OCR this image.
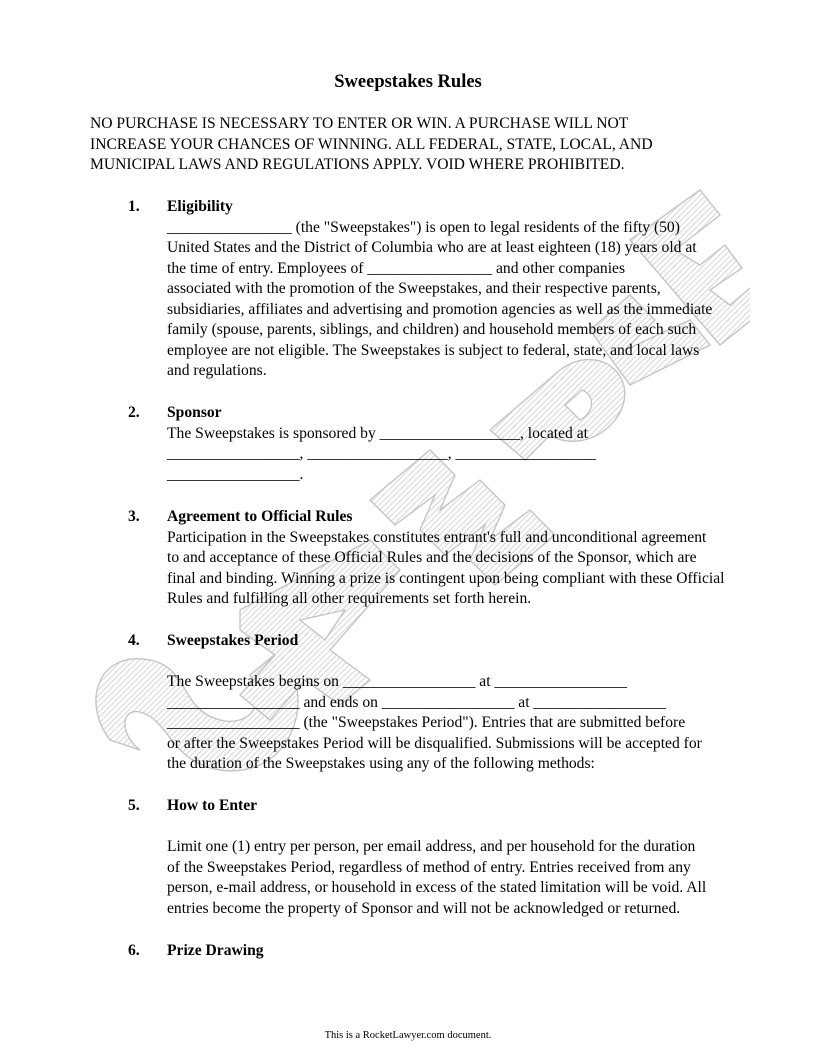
Sweepstakes Rules
NO PURCHASE IS NECESSARY TO ENTER OR WIN. A PURCHASE WILL NOT
INCREASE YOUR CHANCES OF WINNING. ALL FEDERAL, STATE, LOCAL, AND
MUNICIPAL LAWS AND REGULATIONS APPLY. VOID WHERE PROHIBITED.
1. Eligibility
________________ (the "Sweepstakes") is open to legal residents of the fifty (50)
United States and the District of Columbia who are at least eighteen (18) years old at
the time of entry. Employees of ________________ and other companies
associated with the promotion of the Sweepstakes, and their respective parents,
subsidiaries, affiliates and advertising and promotion agencies as well as the immediate
family (spouse, parents, siblings, and children) and household members of each such
employee are not eligible. The Sweepstakes is subject to federal, state, and local laws
and regulations.
2. Sponsor
The Sweepstakes is sponsored by __________________, located at
_________________, __________________, __________________
_________________.
3. Agreement to Official Rules
Participation in the Sweepstakes constitutes entrant's full and unconditional agreement
to and acceptance of these Official Rules and the decisions of the Sponsor, which are
final and binding. Winning a prize is contingent upon being compliant with these Official
Rules and fulfilling all other requirements set forth herein.
4. Sweepstakes Period
The Sweepstakes begins on _________________ at _________________
_________________ and ends on _________________ at _________________
_________________ (the "Sweepstakes Period"). Entries that are submitted before
or after the Sweepstakes Period will be disqualified. Submissions will be accepted for
the duration of the Sweepstakes using any of the following methods:
5. How to Enter
Limit one (1) entry per person, per email address, and per household for the duration
of the Sweepstakes Period, regardless of method of entry. Entries received from any
person, e-mail address, or household in excess of the stated limitation will be void. All
entries become the property of Sponsor and will not be acknowledged or returned.
6. Prize Drawing
This is a RocketLawyer.com document.
